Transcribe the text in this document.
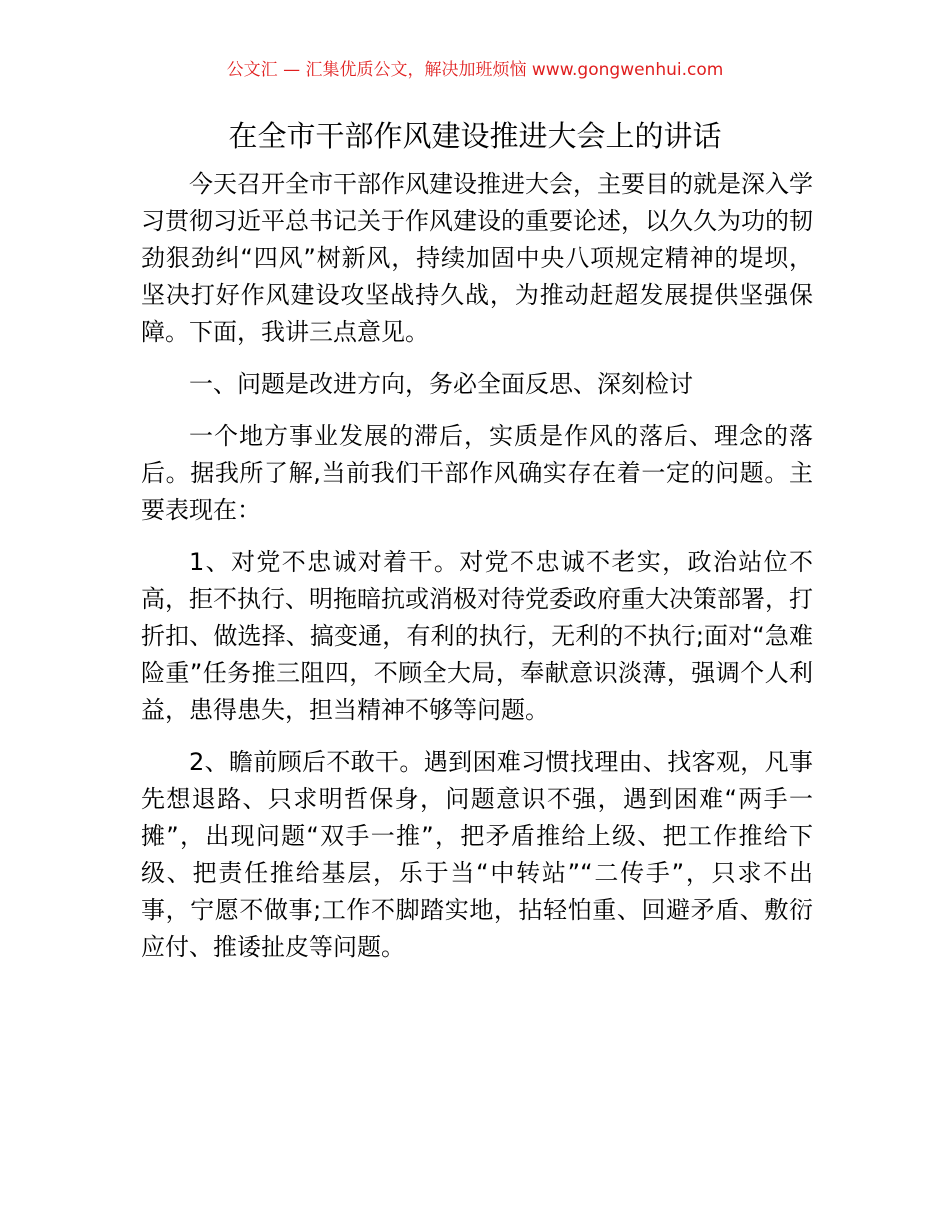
公文汇 — 汇集优质公文，解决加班烦恼 www.gongwenhui.com
在全市干部作风建设推进大会上的讲话

今天召开全市干部作风建设推进大会，主要目的就是深入学习贯彻习近平总书记关于作风建设的重要论述，以久久为功的韧劲狠劲纠“四风”树新风，持续加固中央八项规定精神的堤坝，坚决打好作风建设攻坚战持久战，为推动赶超发展提供坚强保障。下面，我讲三点意见。

一、问题是改进方向，务必全面反思、深刻检讨

一个地方事业发展的滞后，实质是作风的落后、理念的落后。据我所了解,当前我们干部作风确实存在着一定的问题。主要表现在：

1、对党不忠诚对着干。对党不忠诚不老实，政治站位不高，拒不执行、明拖暗抗或消极对待党委政府重大决策部署，打折扣、做选择、搞变通，有利的执行，无利的不执行;面对“急难险重”任务推三阻四，不顾全大局，奉献意识淡薄，强调个人利益，患得患失，担当精神不够等问题。

2、瞻前顾后不敢干。遇到困难习惯找理由、找客观，凡事先想退路、只求明哲保身，问题意识不强，遇到困难“两手一摊”，出现问题“双手一推”，把矛盾推给上级、把工作推给下级、把责任推给基层，乐于当“中转站”“二传手”，只求不出事，宁愿不做事;工作不脚踏实地，拈轻怕重、回避矛盾、敷衍应付、推诿扯皮等问题。
